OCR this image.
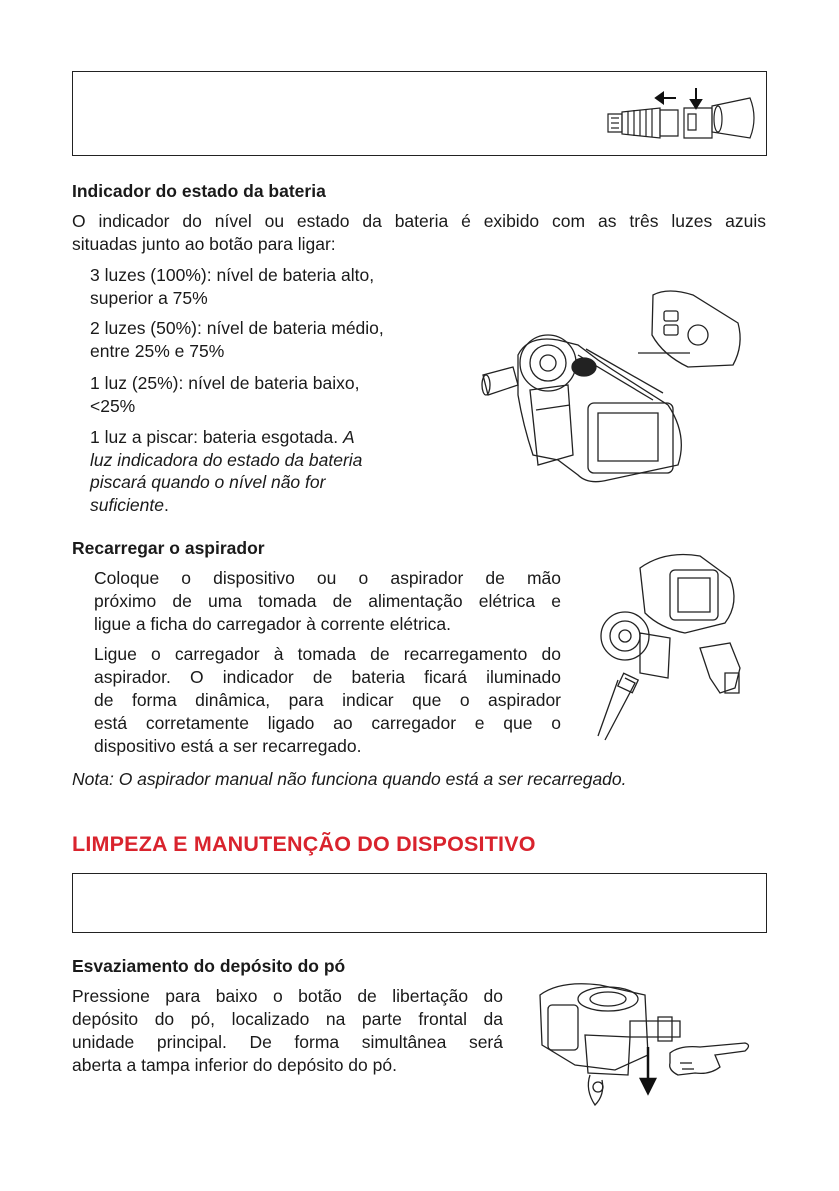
Indicador do estado da bateria
O indicador do nível ou estado da bateria é exibido com as três luzes azuis
situadas junto ao botão para ligar:
3 luzes (100%): nível de bateria alto,
superior a 75%
2 luzes (50%): nível de bateria médio,
entre 25% e 75%
1 luz (25%): nível de bateria baixo,
<25%
1 luz a piscar: bateria esgotada. A
luz indicadora do estado da bateria
piscará quando o nível não for
suficiente.
Recarregar o aspirador
Coloque o dispositivo ou o aspirador de mão
próximo de uma tomada de alimentação elétrica e
ligue a ficha do carregador à corrente elétrica.
Ligue o carregador à tomada de recarregamento do
aspirador. O indicador de bateria ficará iluminado
de forma dinâmica, para indicar que o aspirador
está corretamente ligado ao carregador e que o
dispositivo está a ser recarregado.
Nota: O aspirador manual não funciona quando está a ser recarregado.
LIMPEZA E MANUTENÇÃO DO DISPOSITIVO
Esvaziamento do depósito do pó
Pressione para baixo o botão de libertação do
depósito do pó, localizado na parte frontal da
unidade principal. De forma simultânea será
aberta a tampa inferior do depósito do pó.
